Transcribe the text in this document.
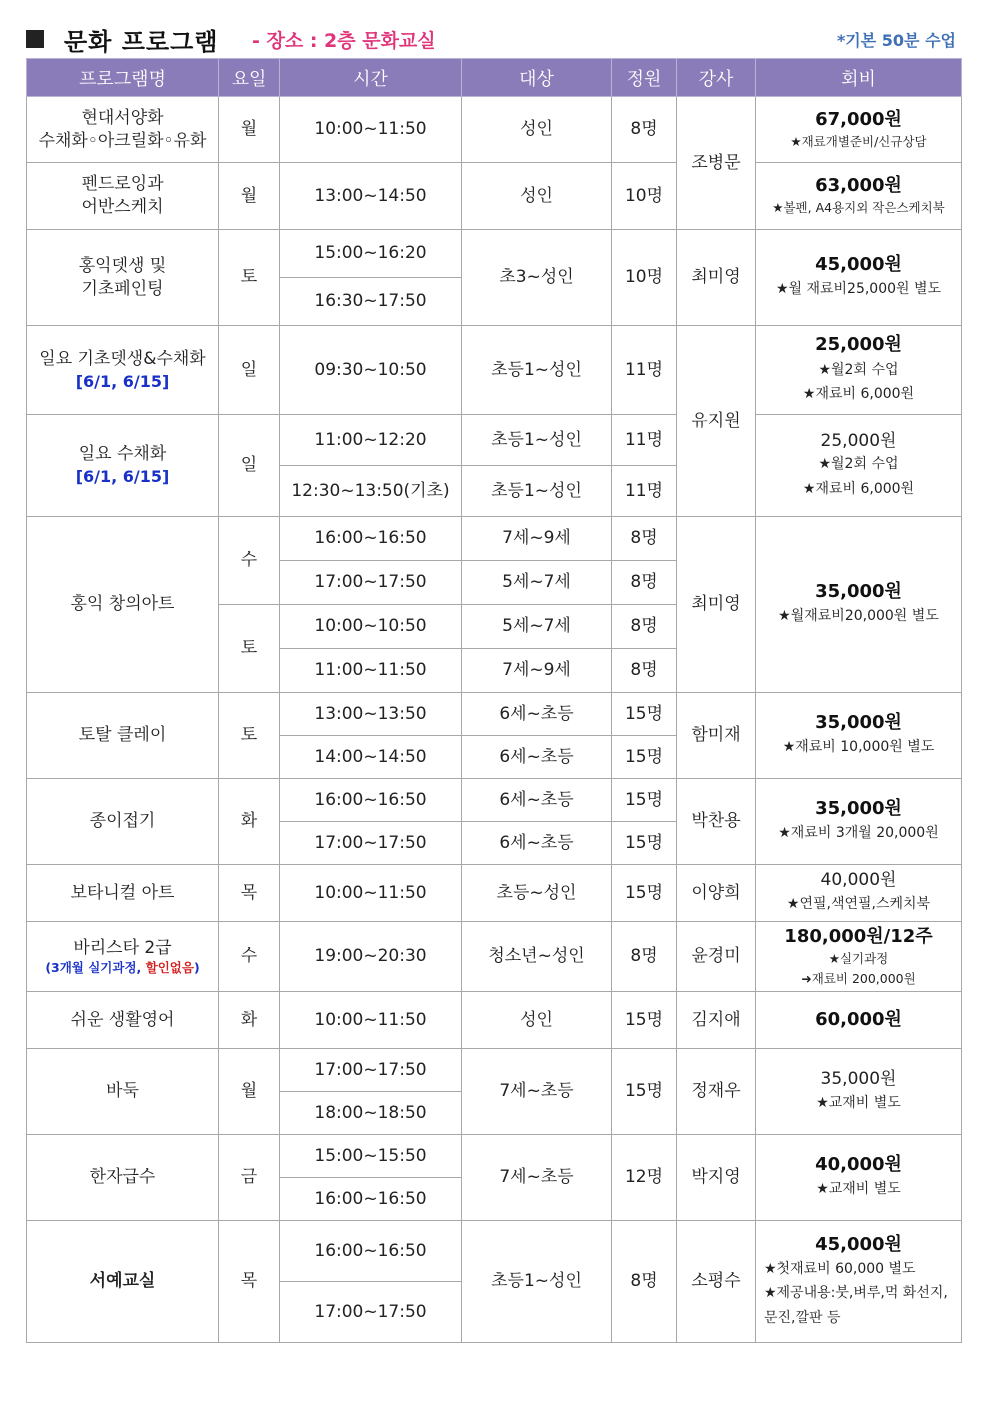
문화 프로그램 - 장소 : 2층 문화교실	*기본 50분 수업
프로그램명	요일	시간	대상	정원	강사	회비

현대서양화
수채화◦아크릴화◦유화	월	10:00~11:50	성인	8명	조병문	67,000원
★재료개별준비/신규상담

펜드로잉과
어반스케치	월	13:00~14:50	성인	10명		63,000원
★볼펜, A4용지외 작은스케치북

홍익뎃생 및
기초페인팅	토	15:00~16:20	초3~성인	10명	최미영	45,000원
★월 재료비25,000원 별도

		16:30~17:50				

일요 기초뎃생&수채화
[6/1, 6/15]	일	09:30~10:50	초등1~성인	11명	유지원	25,000원
★월2회 수업
★재료비 6,000원

일요 수채화
[6/1, 6/15]	일	11:00~12:20	초등1~성인	11명		25,000원
★월2회 수업
★재료비 6,000원

		12:30~13:50(기초)	초등1~성인	11명		
홍익 창의아트	수	16:00~16:50	7세~9세	8명	최미영	35,000원
★월재료비20,000원 별도

		17:00~17:50	5세~7세	8명		
	토	10:00~10:50	5세~7세	8명		
		11:00~11:50	7세~9세	8명		
토탈 클레이	토	13:00~13:50	6세~초등	15명	함미재	35,000원
★재료비 10,000원 별도

		14:00~14:50	6세~초등	15명		
종이접기	화	16:00~16:50	6세~초등	15명	박찬용	35,000원
★재료비 3개월 20,000원

		17:00~17:50	6세~초등	15명		
보타니컬 아트	목	10:00~11:50	초등~성인	15명	이양희	40,000원
★연필,색연필,스케치북

바리스타 2급
(3개월 실기과정, 할인없음)	수	19:00~20:30	청소년~성인	8명	윤경미	180,000원/12주
★실기과정
➜재료비 200,000원

쉬운 생활영어	화	10:00~11:50	성인	15명	김지애	60,000원

바둑	월	17:00~17:50	7세~초등	15명	정재우	35,000원
★교재비 별도

		18:00~18:50				
한자급수	금	15:00~15:50	7세~초등	12명	박지영	40,000원
★교재비 별도

		16:00~16:50				
서예교실	목	16:00~16:50	초등1~성인	8명	소평수	45,000원
★첫재료비 60,000 별도
★제공내용:붓,벼루,먹 화선지,문진,깔판 등

		17:00~17:50				
